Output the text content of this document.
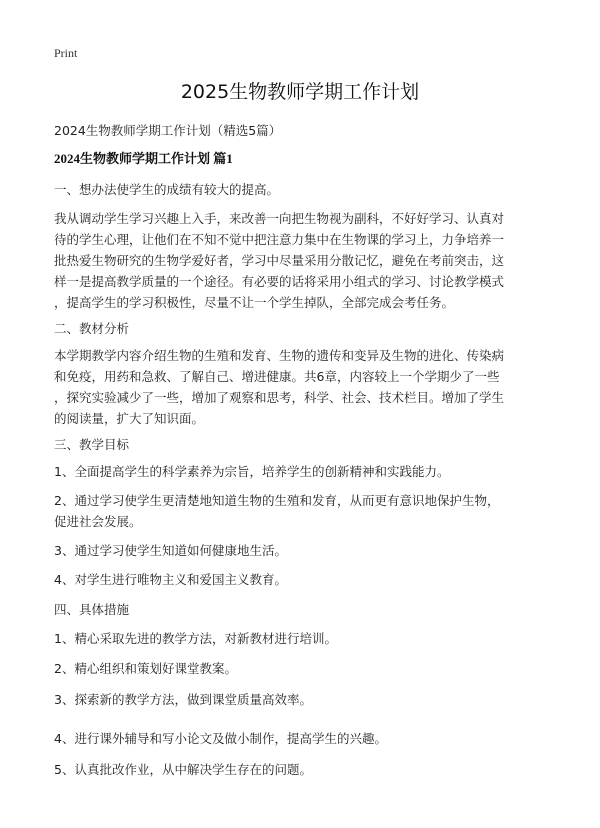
Print
2025生物教师学期工作计划
2024生物教师学期工作计划（精选5篇）
2024生物教师学期工作计划 篇1
一、想办法使学生的成绩有较大的提高。
我从调动学生学习兴趣上入手，来改善一向把生物视为副科，不好好学习、认真对
待的学生心理，让他们在不知不觉中把注意力集中在生物课的学习上，力争培养一
批热爱生物研究的生物学爱好者，学习中尽量采用分散记忆，避免在考前突击，这
样一是提高教学质量的一个途径。有必要的话将采用小组式的学习、讨论教学模式
，提高学生的学习积极性，尽量不让一个学生掉队，全部完成会考任务。
二、教材分析
本学期教学内容介绍生物的生殖和发育、生物的遗传和变异及生物的进化、传染病
和免疫，用药和急救、了解自己、增进健康。共6章，内容较上一个学期少了一些
，探究实验减少了一些，增加了观察和思考，科学、社会、技术栏目。增加了学生
的阅读量，扩大了知识面。
三、教学目标
1、全面提高学生的科学素养为宗旨，培养学生的创新精神和实践能力。
2、通过学习使学生更清楚地知道生物的生殖和发育，从而更有意识地保护生物，
促进社会发展。
3、通过学习使学生知道如何健康地生活。
4、对学生进行唯物主义和爱国主义教育。
四、具体措施
1、精心采取先进的教学方法，对新教材进行培训。
2、精心组织和策划好课堂教案。
3、探索新的教学方法，做到课堂质量高效率。
4、进行课外辅导和写小论文及做小制作，提高学生的兴趣。
5、认真批改作业，从中解决学生存在的问题。
